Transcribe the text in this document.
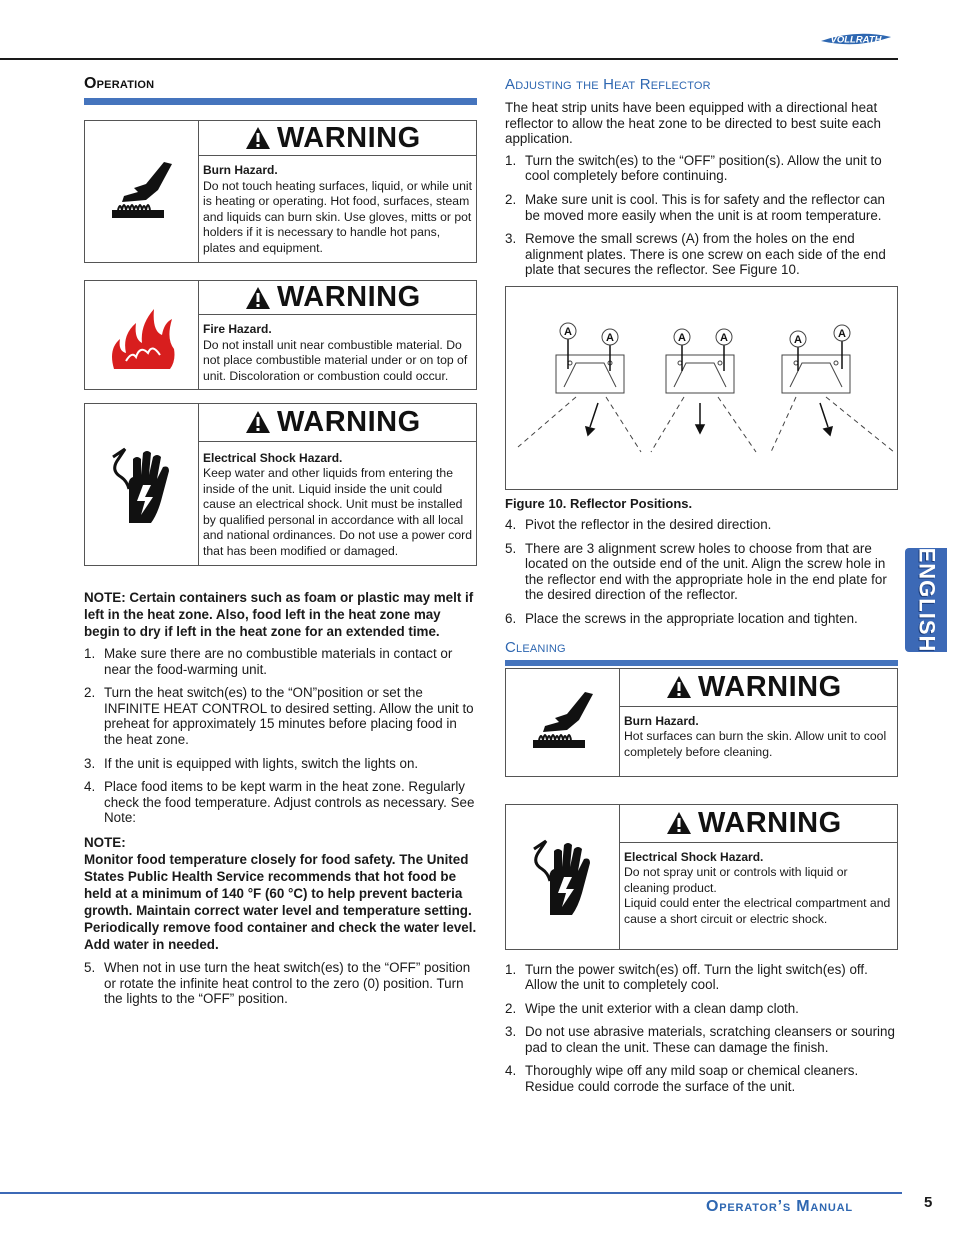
VOLLRATH
Operation
WARNING
Burn Hazard.
Do not touch heating surfaces, liquid, or while unit is heating or operating. Hot food, surfaces, steam and liquids can burn skin. Use gloves, mitts or pot holders if it is necessary to handle hot pans, plates and equipment.
WARNING
Fire Hazard.
Do not install unit near combustible material. Do not place combustible material under or on top of unit. Discoloration or combustion could occur.
WARNING
Electrical Shock Hazard.
Keep water and other liquids from entering the inside of the unit. Liquid inside the unit could cause an electrical shock. Unit must be installed by qualified personal in accordance with all local and national ordinances. Do not use a power cord that has been modified or damaged.

NOTE: Certain containers such as foam or plastic may melt if left in the heat zone. Also, food left in the heat zone may begin to dry if left in the heat zone for an extended time.

1. Make sure there are no combustible materials in contact or near the food-warming unit.
2. Turn the heat switch(es) to the “ON”position or set the INFINITE HEAT CONTROL to desired setting. Allow the unit to preheat for approximately 15 minutes before placing food in the heat zone.
3. If the unit is equipped with lights, switch the lights on.
4. Place food items to be kept warm in the heat zone. Regularly check the food temperature. Adjust controls as necessary. See Note:

NOTE:

Monitor food temperature closely for food safety. The United States Public Health Service recommends that hot food be held at a minimum of 140 °F (60 °C) to help prevent bacteria growth. Maintain correct water level and temperature setting. Periodically remove food container and check the water level. Add water in needed.

5. When not in use turn the heat switch(es) to the “OFF” position or rotate the infinite heat control to the zero (0) position. Turn the lights to the “OFF” position.
Adjusting the Heat Reflector

The heat strip units have been equipped with a directional heat reflector to allow the heat zone to be directed to best suite each application.

1. Turn the switch(es) to the “OFF” position(s). Allow the unit to cool completely before continuing.
2. Make sure unit is cool. This is for safety and the reflector can be moved more easily when the unit is at room temperature.
3. Remove the small screws (A) from the holes on the end alignment plates. There is one screw on each side of the end plate that secures the reflector. See Figure 10.
A	A	A	A	A	A
Figure 10. Reflector Positions.
4. Pivot the reflector in the desired direction.
5. There are 3 alignment screw holes to choose from that are located on the outside end of the unit. Align the screw hole in the reflector end with the appropriate hole in the end plate for the desired direction of the reflector.
6. Place the screws in the appropriate location and tighten.
Cleaning
WARNING
Burn Hazard.
Hot surfaces can burn the skin. Allow unit to cool completely before cleaning.
WARNING
Electrical Shock Hazard.
Do not spray unit or controls with liquid or cleaning product.
Liquid could enter the electrical compartment and cause a short circuit or electric shock.
1. Turn the power switch(es) off. Turn the light switch(es) off. Allow the unit to completely cool.
2. Wipe the unit exterior with a clean damp cloth.
3. Do not use abrasive materials, scratching cleansers or souring pad to clean the unit. These can damage the finish.
4. Thoroughly wipe off any mild soap or chemical cleaners. Residue could corrode the surface of the unit.
ENGLISH
Operator’s Manual	5
